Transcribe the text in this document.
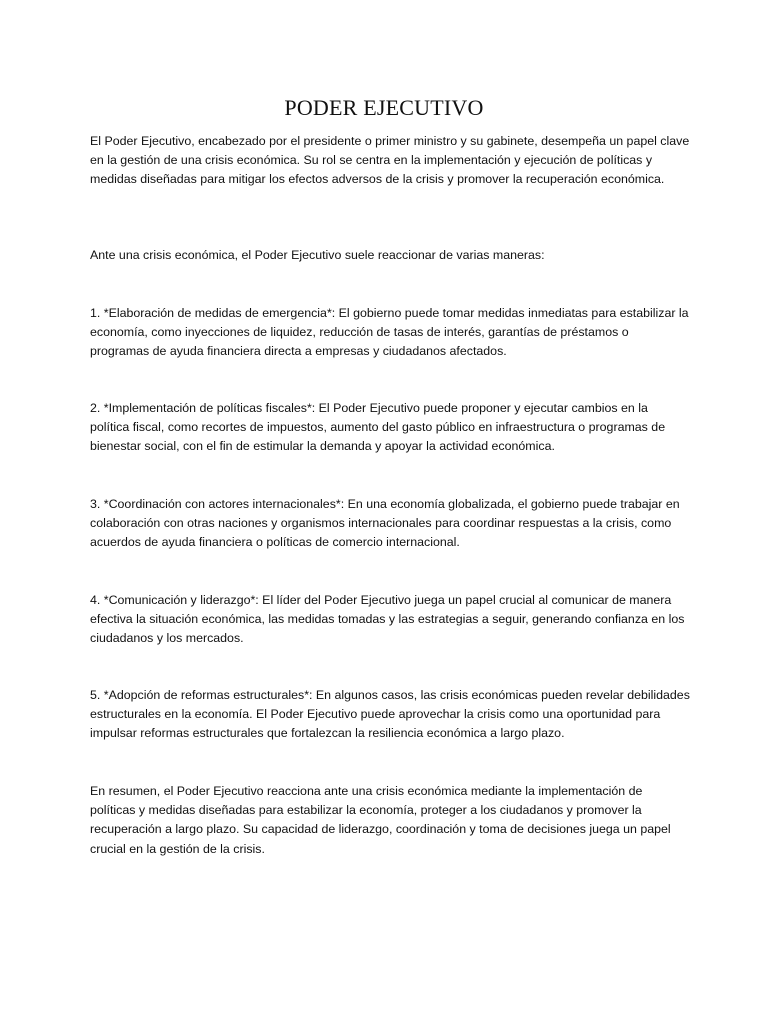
PODER EJECUTIVO

El Poder Ejecutivo, encabezado por el presidente o primer ministro y su gabinete, desempeña un papel clave en la gestión de una crisis económica. Su rol se centra en la implementación y ejecución de políticas y medidas diseñadas para mitigar los efectos adversos de la crisis y promover la recuperación económica.

Ante una crisis económica, el Poder Ejecutivo suele reaccionar de varias maneras:

1. *Elaboración de medidas de emergencia*: El gobierno puede tomar medidas inmediatas para estabilizar la economía, como inyecciones de liquidez, reducción de tasas de interés, garantías de préstamos o programas de ayuda financiera directa a empresas y ciudadanos afectados.

2. *Implementación de políticas fiscales*: El Poder Ejecutivo puede proponer y ejecutar cambios en la política fiscal, como recortes de impuestos, aumento del gasto público en infraestructura o programas de bienestar social, con el fin de estimular la demanda y apoyar la actividad económica.

3. *Coordinación con actores internacionales*: En una economía globalizada, el gobierno puede trabajar en colaboración con otras naciones y organismos internacionales para coordinar respuestas a la crisis, como acuerdos de ayuda financiera o políticas de comercio internacional.

4. *Comunicación y liderazgo*: El líder del Poder Ejecutivo juega un papel crucial al comunicar de manera efectiva la situación económica, las medidas tomadas y las estrategias a seguir, generando confianza en los ciudadanos y los mercados.

5. *Adopción de reformas estructurales*: En algunos casos, las crisis económicas pueden revelar debilidades estructurales en la economía. El Poder Ejecutivo puede aprovechar la crisis como una oportunidad para impulsar reformas estructurales que fortalezcan la resiliencia económica a largo plazo.

En resumen, el Poder Ejecutivo reacciona ante una crisis económica mediante la implementación de políticas y medidas diseñadas para estabilizar la economía, proteger a los ciudadanos y promover la recuperación a largo plazo. Su capacidad de liderazgo, coordinación y toma de decisiones juega un papel crucial en la gestión de la crisis.
